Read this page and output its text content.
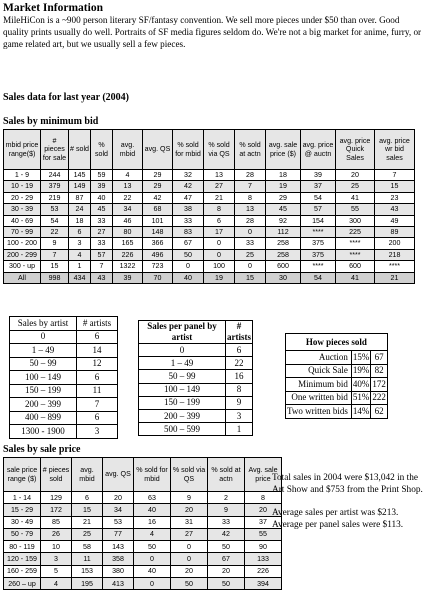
Market Information
MileHiCon is a ~900 person literary SF/fantasy convention. We sell more pieces under $50 than over. Good quality prints usually do well. Portraits of SF media figures seldom do. We're not a big market for anime, furry, or game related art, but we usually sell a few pieces.
Sales data for last year (2004)
Sales by minimum bid
mbid price range($)	# pieces for sale	# sold	% sold	avg. mbid	avg. QS	% sold for mbid	% sold via QS	% sold at actn	avg. sale price ($)	avg. price @ auctn	avg. price Quick Sales	avg. price wr bid sales
1 - 9	244	145	59	4	29	32	13	28	18	39	20	7
10 - 19	379	149	39	13	29	42	27	7	19	37	25	15
20 - 29	219	87	40	22	42	47	21	8	29	54	41	23
30 - 39	53	24	45	34	68	38	8	13	45	57	55	43
40 - 69	54	18	33	46	101	33	6	28	92	154	300	49
70 - 99	22	6	27	80	148	83	17	0	112	****	225	89
100 - 200	9	3	33	165	366	67	0	33	258	375	****	200
200 - 299	7	4	57	226	496	50	0	25	258	375	****	218
300 - up	15	1	7	1322	723	0	100	0	600	****	600	****
All	998	434	43	39	70	40	19	15	30	54	41	21
Sales by artist	# artists
0	6
1 – 49	14
50 – 99	12
100 – 149	6
150 – 199	11
200 – 399	7
400 – 899	6
1300 - 1900	3
Sales per panel by artist	# artists
0	6
1 – 49	22
50 – 99	16
100 – 149	8
150 – 199	9
200 – 399	3
500 – 599	1
How pieces sold		
Auction	15%	67
Quick Sale	19%	82
Minimum bid	40%	172
One written bid	51%	222
Two written bids	14%	62
Sales by sale price
sale price range ($)	# pieces sold	avg. mbid	avg. QS	% sold for mbid	% sold via QS	% sold at actn	Avg. sale price
1 - 14	129	6	20	63	9	2	8
15 - 29	172	15	34	40	20	9	20
30 - 49	85	21	53	16	31	33	37
50 - 79	26	25	77	4	27	42	55
80 - 119	10	58	143	50	0	50	90
120 - 159	3	11	358	0	0	67	133
160 - 259	5	153	380	40	20	20	226
260 – up	4	195	413	0	50	50	394

Total sales in 2004 were $13,042 in the Art Show and $753 from the Print Shop.

Average sales per artist was $213. Average per panel sales were $113.
